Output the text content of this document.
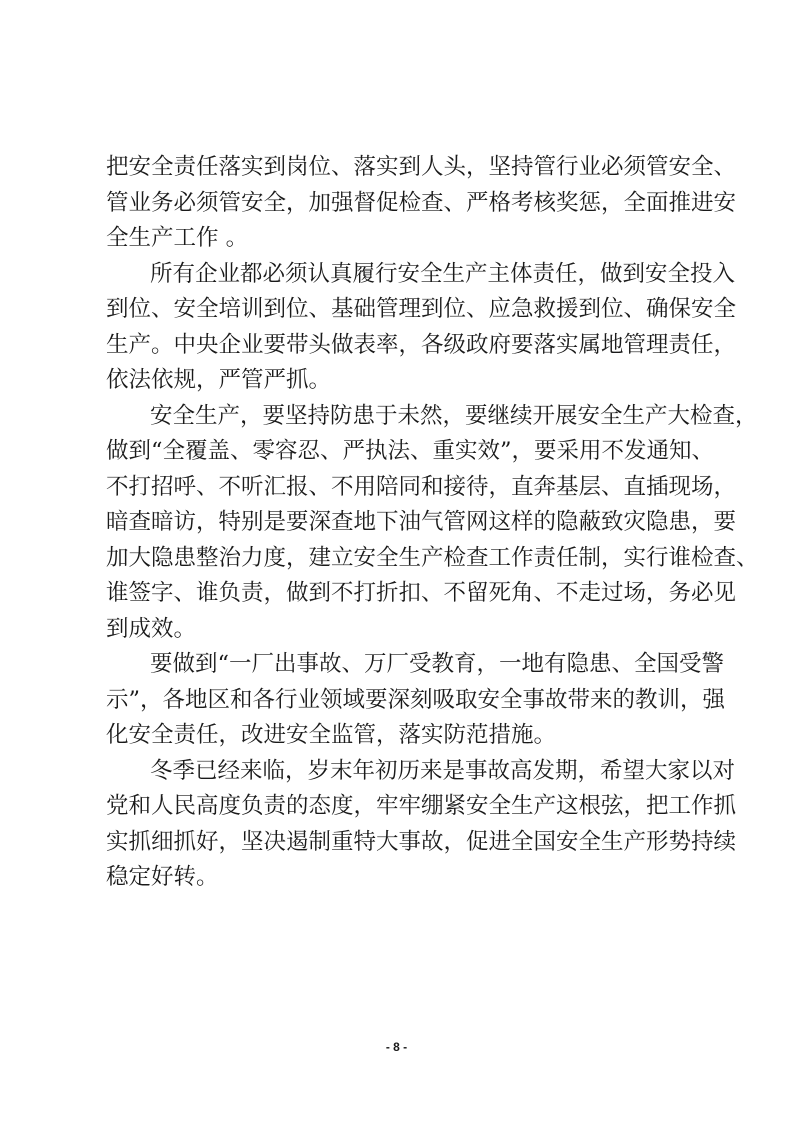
把安全责任落实到岗位、落实到人头，坚持管行业必须管安全、
管业务必须管安全，加强督促检查、严格考核奖惩，全面推进安
全生产工作 。
所有企业都必须认真履行安全生产主体责任，做到安全投入
到位、安全培训到位、基础管理到位、应急救援到位、确保安全
生产。中央企业要带头做表率，各级政府要落实属地管理责任，
依法依规，严管严抓。
安全生产，要坚持防患于未然，要继续开展安全生产大检查，
做到“全覆盖、零容忍、严执法、重实效”，要采用不发通知、
不打招呼、不听汇报、不用陪同和接待，直奔基层、直插现场，
暗查暗访，特别是要深查地下油气管网这样的隐蔽致灾隐患，要
加大隐患整治力度，建立安全生产检查工作责任制，实行谁检查、
谁签字、谁负责，做到不打折扣、不留死角、不走过场，务必见
到成效。
要做到“一厂出事故、万厂受教育，一地有隐患、全国受警
示”，各地区和各行业领域要深刻吸取安全事故带来的教训，强
化安全责任，改进安全监管，落实防范措施。
冬季已经来临，岁末年初历来是事故高发期，希望大家以对
党和人民高度负责的态度，牢牢绷紧安全生产这根弦，把工作抓
实抓细抓好，坚决遏制重特大事故，促进全国安全生产形势持续
稳定好转。
- 8 -
